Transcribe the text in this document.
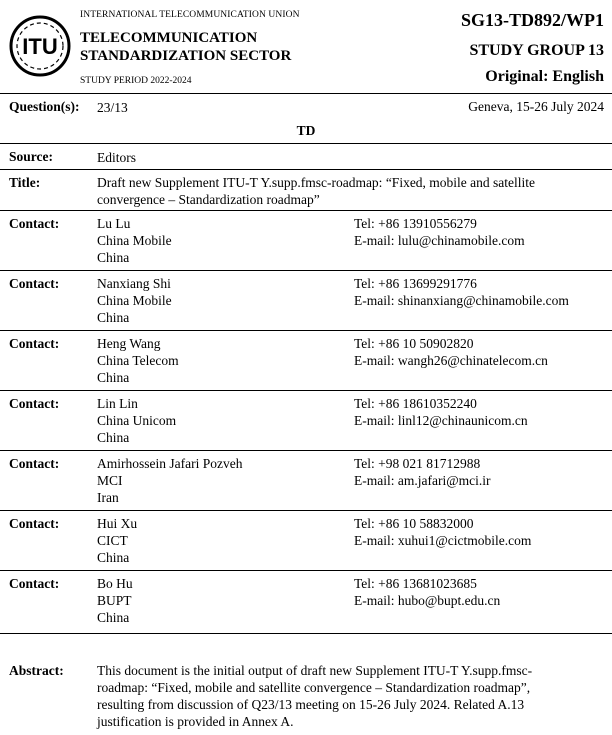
ITU
INTERNATIONAL TELECOMMUNICATION UNION
TELECOMMUNICATION
STANDARDIZATION SECTOR
STUDY PERIOD 2022-2024
SG13-TD892/WP1
STUDY GROUP 13
Original: English
Question(s): 23/13	Geneva, 15-26 July 2024
TD
Source:	Editors
Title:	Draft new Supplement ITU-T Y.supp.fmsc-roadmap: “Fixed, mobile and satellite
convergence – Standardization roadmap”
Contact:	Lu Lu
China Mobile
China
Tel: +86 13910556279
E-mail: lulu@chinamobile.com
Contact:	Nanxiang Shi
China Mobile
China
Tel: +86 13699291776
E-mail: shinanxiang@chinamobile.com
Contact:	Heng Wang
China Telecom
China
Tel: +86 10 50902820
E-mail: wangh26@chinatelecom.cn
Contact:	Lin Lin
China Unicom
China
Tel: +86 18610352240
E-mail: linl12@chinaunicom.cn
Contact:	Amirhossein Jafari Pozveh
MCI
Iran
Tel: +98 021 81712988
E-mail: am.jafari@mci.ir
Contact:	Hui Xu
CICT
China
Tel: +86 10 58832000
E-mail: xuhui1@cictmobile.com
Contact:	Bo Hu
BUPT
China
Tel: +86 13681023685
E-mail: hubo@bupt.edu.cn
Abstract: This document is the initial output of draft new Supplement ITU-T Y.supp.fmsc-
roadmap: “Fixed, mobile and satellite convergence – Standardization roadmap”,
resulting from discussion of Q23/13 meeting on 15-26 July 2024. Related A.13
justification is provided in Annex A.
